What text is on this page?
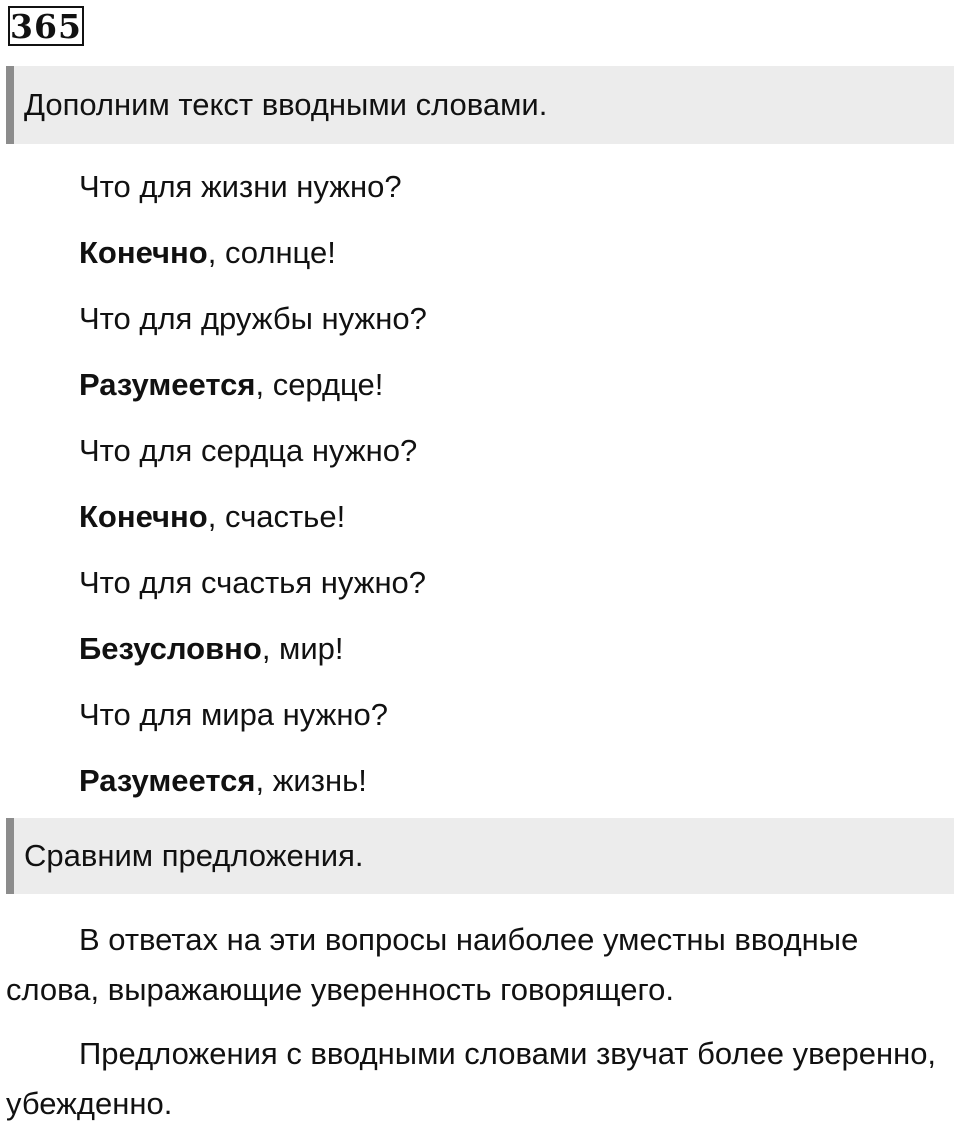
365
Дополним текст вводными словами.
Что для жизни нужно?
Конечно, солнце!
Что для дружбы нужно?
Разумеется, сердце!
Что для сердца нужно?
Конечно, счастье!
Что для счастья нужно?
Безусловно, мир!
Что для мира нужно?
Разумеется, жизнь!
Сравним предложения.

В ответах на эти вопросы наиболее уместны вводные слова, выражающие уверенность говорящего.

Предложения с вводными словами звучат более уверенно, убежденно.
